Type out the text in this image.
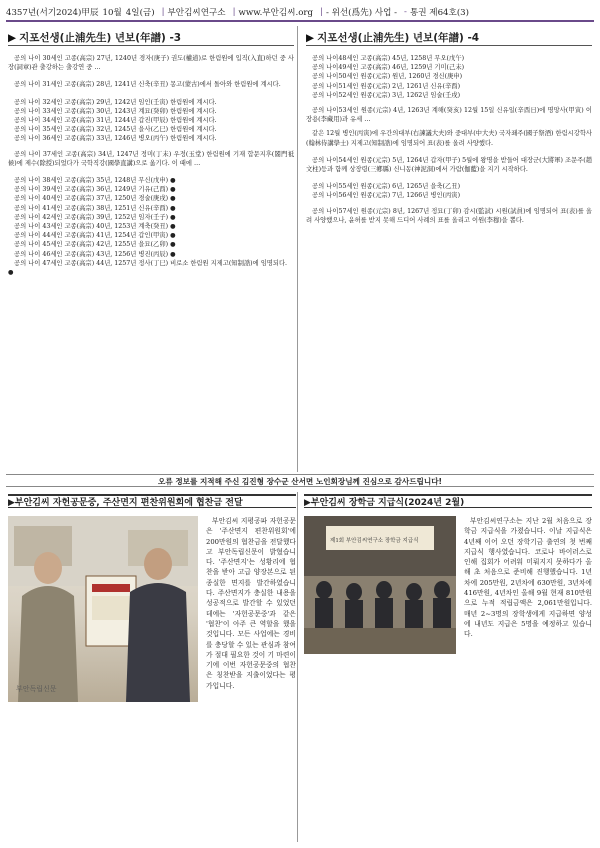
4357년(서기2024)甲辰 10월 4일(금) | 부안김씨연구소 | www.부안김씨.org | - 위선(爲先) 사업 - - 통권 제64호(3)
▶ 지포선생(止浦先生) 년보(年譜) -3

공의 나이 30세인 고종(高宗) 27년, 1240년 경자(庚子) 권도(權道)로 한림원에 입직(入直)하던 중 사장(詞章)관 출강하는 출강연 중 …

공의 나이 31세인 고종(高宗) 28년, 1241년 신축(辛丑) 몽고(蒙古)에서 돌아와 한림원에 계시다.

공의 나이 32세인 고종(高宗) 29년, 1242년 임인(壬寅) 한림원에 계시다.

공의 나이 33세인 고종(高宗) 30년, 1243년 계묘(癸卯) 한림원에 계시다.

공의 나이 34세인 고종(高宗) 31년, 1244년 갑진(甲辰) 한림원에 계시다.

공의 나이 35세인 고종(高宗) 32년, 1245년 을사(乙巳) 한림원에 계시다.

공의 나이 36세인 고종(高宗) 33년, 1246년 병오(丙午) 한림원에 계시다.

공의 나이 37세인 고종(高宗) 34년, 1247년 정미(丁未) 우정(玉堂) 한림원에 기재 합문지후(閤門祗候)에 제수(除授)되었다가 국학직강(國學直講)으로 옮기다. 이 때에 …

공의 나이 38세인 고종(高宗) 35년, 1248년 무신(戊申) ●

공의 나이 39세인 고종(高宗) 36년, 1249년 기유(己酉) ●

공의 나이 40세인 고종(高宗) 37년, 1250년 경술(庚戌) ●

공의 나이 41세인 고종(高宗) 38년, 1251년 신유(辛酉) ●

공의 나이 42세인 고종(高宗) 39년, 1252년 임자(壬子) ●

공의 나이 43세인 고종(高宗) 40년, 1253년 계축(癸丑) ●

공의 나이 44세인 고종(高宗) 41년, 1254년 갑인(甲寅) ●

공의 나이 45세인 고종(高宗) 42년, 1255년 을묘(乙卯) ●

공의 나이 46세인 고종(高宗) 43년, 1256년 병진(丙辰) ●

공의 나이 47세인 고종(高宗) 44년, 1257년 정사(丁巳) 비로소 한림원 지제고(知制誥)에 임명되다. ●

▶ 지포선생(止浦先生) 년보(年譜) -4

공의 나이48세인 고종(高宗) 45년, 1258년 무오(戊午)

공의 나이49세인 고종(高宗) 46년, 1259년 기미(己未)

공의 나이50세인 원종(元宗) 원년, 1260년 경신(庚申)

공의 나이51세인 원종(元宗) 2년, 1261년 신유(辛酉)

공의 나이52세인 원종(元宗) 3년, 1262년 임술(壬戌)

공의 나이53세인 원종(元宗) 4년, 1263년 계해(癸亥) 12월 15일 신유일(辛酉日)에 명망사(甲寅) 이장용(李藏用)과 유세 …

같은 12월 병인(丙寅)에 우간의대부(右諫議大夫)와 중대부(中大夫) 국자좨주(國子祭酒) 한림시강학사(翰林侍講學士) 지제고(知制誥)에 임명되어 표(表)를 올려 사양했다.

공의 나이54세인 원종(元宗) 5년, 1264년 갑자(甲子) 5월에 왕명을 받들어 대장군(大將軍) 조문주(趙文柱)등과 함께 상장령(三鄕縣) 신니동(神泥洞)에서 가람(伽藍)을 지기 시작하다.

공의 나이55세인 원종(元宗) 6년, 1265년 을축(乙丑)

공의 나이56세인 원종(元宗) 7년, 1266년 병인(丙寅)

공의 나이57세인 원종(元宗) 8년, 1267년 정묘(丁卯) 감시(監試) 시원(試員)에 임명되어 표(表)를 올려 사양했으나, 윤허를 받지 못해 드디어 사례의 표를 올리고 이원(李穆)을 뽑다.

오류 정보를 지적해 주신 김진형 장수군 산서면 노인회장님께 진심으로 감사드립니다!
▶부안김씨 자헌공문중, 주산면지 편찬위원회에 협찬금 전달
부안독립신문

부안김씨 지평공파 자헌공문은 '주산면지 편찬위원회'에 200만원의 협찬금을 전달했다고 부안독립신문이 밝혔습니다. '주산면지'는 성황리에 협찬을 받아 고급 양장본으로 된 종실한 면지를 발간하였습니다. 주산면지가 충실한 내용을 성공적으로 발간할 수 있었던 데에는 '자헌공문중'과 같은 '협찬'이 아주 큰 역할을 했을 것입니다. 모든 사업에는 경비를 충당할 수 있는 관심과 참여가 절대 필요한 것이 기 마련이기에 이번 자헌공문중의 협찬은 칭찬받을 지출이었다는 평가입니다.

▶부안김씨 장학금 지급식(2024년 2월)
제1회 부안김씨연구소 장학금 지급식

부안김씨연구소는 지난 2월 처음으로 장학금 지급식을 가졌습니다. 이날 지급식은 4년째 이어 오던 장학기금 출연의 첫 번째 지급식 행사였습니다. 코로나 바이러스로 인해 집회가 어려워 미뤄지지 못하다가 올해 초 처음으로 준비해 진행했습니다. 1년차에 205만원, 2년차에 630만원, 3년차에 416만원, 4년차인 올해 9월 현재 810만원으로 누적 적립금액은 2,061만원입니다. 매년 2~3명의 장학생에게 지급하면 양성에 내년도 지급은 5명을 예정하고 있습니다.
